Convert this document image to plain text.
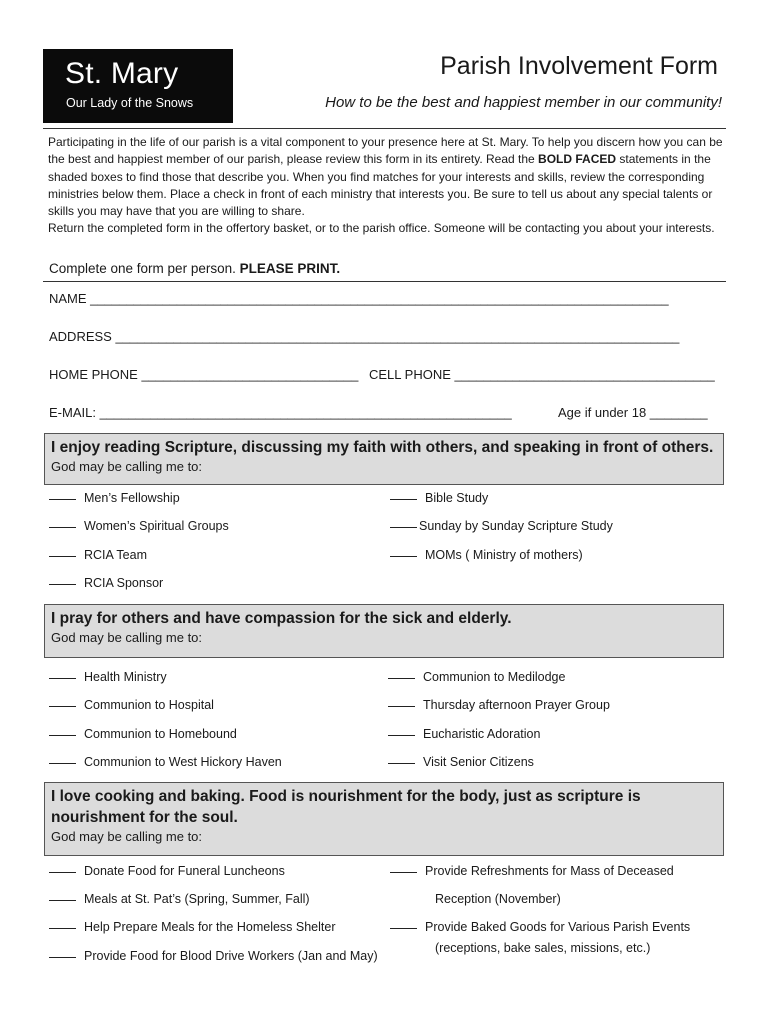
St. Mary
Our Lady of the Snows
Parish Involvement Form
How to be the best and happiest member in our community!

Participating in the life of our parish is a vital component to your presence here at St. Mary. To help you discern how you can be the best and happiest member of our parish, please review this form in its entirety. Read the BOLD FACED statements in the shaded boxes to find those that describe you. When you find matches for your interests and skills, review the corresponding ministries below them. Place a check in front of each ministry that interests you. Be sure to tell us about any special talents or skills you may have that you are willing to share.

Return the completed form in the offertory basket, or to the parish office. Someone will be contacting you about your interests.

Complete one form per person. PLEASE PRINT.
NAME ________________________________________________________________________________
ADDRESS ______________________________________________________________________________
HOME PHONE ______________________________ CELL PHONE ____________________________________
E-MAIL: _________________________________________________________	Age if under 18 ________
I enjoy reading Scripture, discussing my faith with others, and speaking in front of others.
God may be calling me to:
Men’s Fellowship
Women’s Spiritual Groups
RCIA Team
RCIA Sponsor
Bible Study
Sunday by Sunday Scripture Study
MOMs ( Ministry of mothers)
I pray for others and have compassion for the sick and elderly.
God may be calling me to:
Health Ministry
Communion to Hospital
Communion to Homebound
Communion to West Hickory Haven
Communion to Medilodge
Thursday afternoon Prayer Group
Eucharistic Adoration
Visit Senior Citizens
I love cooking and baking. Food is nourishment for the body, just as scripture is nourishment for the soul.
God may be calling me to:
Donate Food for Funeral Luncheons
Meals at St. Pat’s (Spring, Summer, Fall)
Help Prepare Meals for the Homeless Shelter
Provide Food for Blood Drive Workers (Jan and May)
Provide Refreshments for Mass of Deceased
Reception (November)
Provide Baked Goods for Various Parish Events
(receptions, bake sales, missions, etc.)
